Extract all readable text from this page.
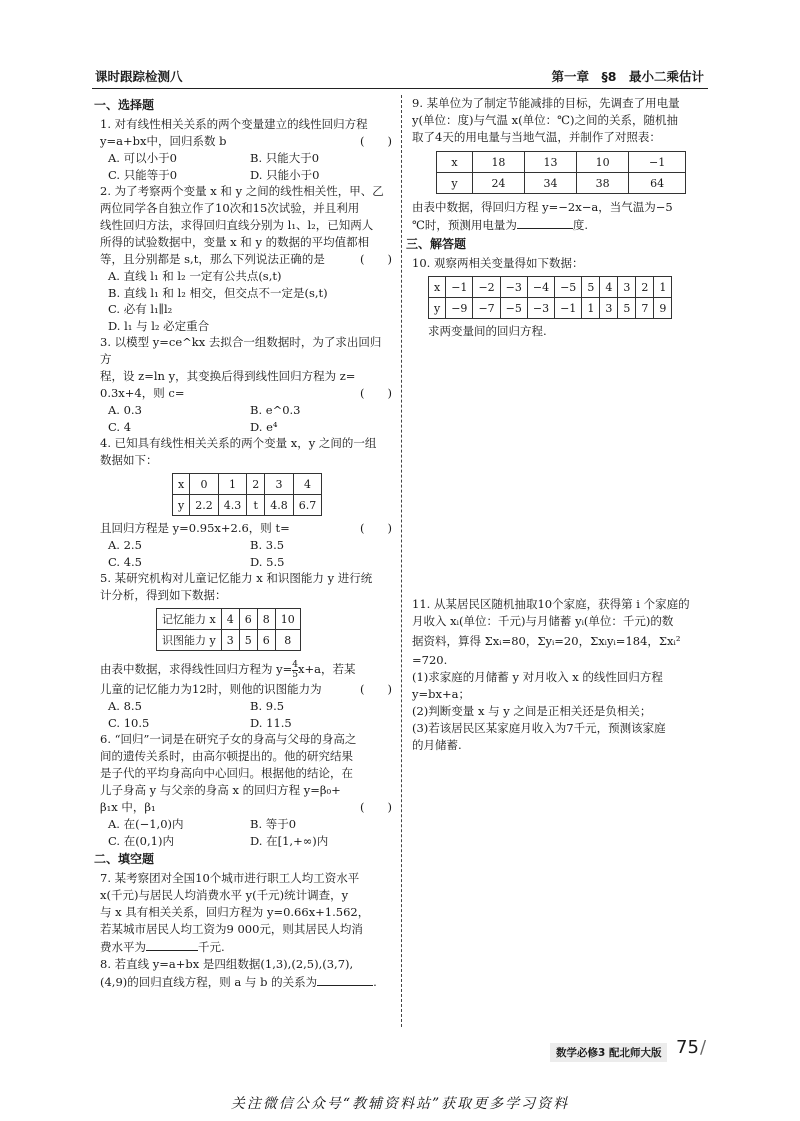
课时跟踪检测八	第一章　§8　最小二乘估计
一、选择题

1. 对有线性相关关系的两个变量建立的线性回归方程

y=a+bx中，回归系数 b	(　　)

A. 可以小于0	B. 只能大于0
C. 只能等于0	D. 只能小于0

2. 为了考察两个变量 x 和 y 之间的线性相关性，甲、乙

两位同学各自独立作了10次和15次试验，并且利用

线性回归方法，求得回归直线分别为 l₁、l₂，已知两人

所得的试验数据中，变量 x 和 y 的数据的平均值都相

等，且分别都是 s,t，那么下列说法正确的是	(　　)

A. 直线 l₁ 和 l₂ 一定有公共点(s,t)
B. 直线 l₁ 和 l₂ 相交，但交点不一定是(s,t)
C. 必有 l₁∥l₂
D. l₁ 与 l₂ 必定重合

3. 以模型 y=ce^kx 去拟合一组数据时，为了求出回归方

程，设 z=ln y，其变换后得到线性回归方程为 z=

0.3x+4，则 c=	(　　)

A. 0.3	B. e^0.3
C. 4	D. e⁴

4. 已知具有线性相关关系的两个变量 x，y 之间的一组

数据如下：

x	0	1	2	3	4
y	2.2	4.3	t	4.8	6.7

且回归方程是 y=0.95x+2.6，则 t=	(　　)

A. 2.5	B. 3.5
C. 4.5	D. 5.5

5. 某研究机构对儿童记忆能力 x 和识图能力 y 进行统

计分析，得到如下数据：

记忆能力 x	4	6	8	10
识图能力 y	3	5	6	8

由表中数据，求得线性回归方程为 $y= \frac{4}{5} x+a$，若某

儿童的记忆能力为12时，则他的识图能力为	(　　)

A. 8.5	B. 9.5
C. 10.5	D. 11.5

6. “回归”一词是在研究子女的身高与父母的身高之

间的遗传关系时，由高尔顿提出的。他的研究结果

是子代的平均身高向中心回归。根据他的结论，在

儿子身高 y 与父亲的身高 x 的回归方程 y=β₀+

β₁x 中，β₁	(　　)

A. 在(−1,0)内	B. 等于0
C. 在(0,1)内	D. 在[1,+∞)内
二、填空题

7. 某考察团对全国10个城市进行职工人均工资水平

x(千元)与居民人均消费水平 y(千元)统计调查，y

与 x 具有相关关系，回归方程为 y=0.66x+1.562，

若某城市居民人均工资为9 000元，则其居民人均消

费水平为	千元.

8. 若直线 y=a+bx 是四组数据(1,3),(2,5),(3,7),

(4,9)的回归直线方程，则 a 与 b 的关系为	.

9. 某单位为了制定节能减排的目标，先调查了用电量

y(单位：度)与气温 x(单位：℃)之间的关系，随机抽

取了4天的用电量与当地气温，并制作了对照表：

x	18	13	10	−1
y	24	34	38	64

由表中数据，得回归方程 y=−2x−a，当气温为−5

℃时，预测用电量为	度.

三、解答题

10. 观察两相关变量得如下数据：

x	−1	−2	−3	−4	−5	5	4	3	2	1
y	−9	−7	−5	−3	−1	1	3	5	7	9

求两变量间的回归方程.

11. 从某居民区随机抽取10个家庭，获得第 i 个家庭的

月收入 xᵢ(单位：千元)与月储蓄 yᵢ(单位：千元)的数

据资料，算得 Σxᵢ=80，Σyᵢ=20，Σxᵢyᵢ=184，Σxᵢ²

=720.

(1)求家庭的月储蓄 y 对月收入 x 的线性回归方程

y=bx+a；

(2)判断变量 x 与 y 之间是正相关还是负相关；

(3)若该居民区某家庭月收入为7千元，预测该家庭

的月储蓄.

数学必修3 配北师大版 75 /
关注微信公众号“教辅资料站”获取更多学习资料
